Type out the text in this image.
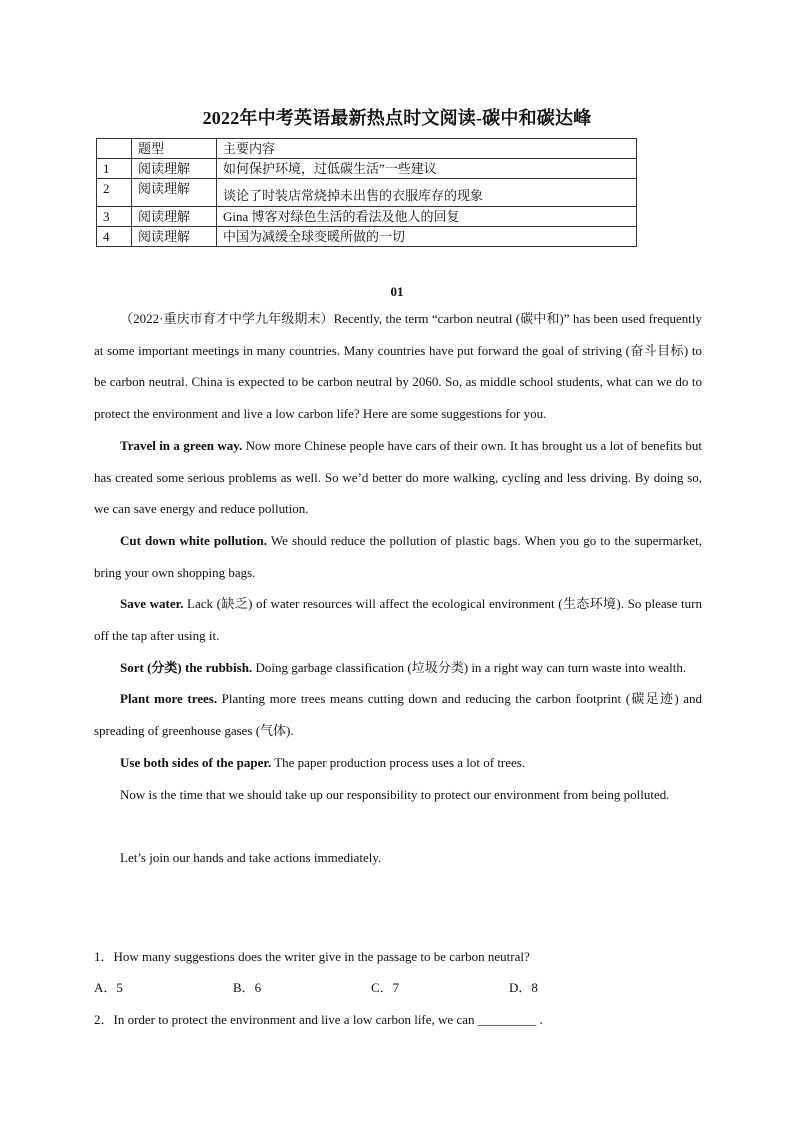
2022年中考英语最新热点时文阅读-碳中和碳达峰
	题型	主要内容
1	阅读理解	如何保护环境，过低碳生活”一些建议
2	阅读理解	谈论了时装店常烧掉未出售的衣服库存的现象
3	阅读理解	Gina 博客对绿色生活的看法及他人的回复
4	阅读理解	中国为减缓全球变暖所做的一切
01

（2022·重庆市育才中学九年级期末）Recently, the term “carbon neutral (碳中和)” has been used frequently at some important meetings in many countries. Many countries have put forward the goal of striving (奋斗目标) to be carbon neutral. China is expected to be carbon neutral by 2060. So, as middle school students, what can we do to protect the environment and live a low carbon life? Here are some suggestions for you.

Travel in a green way. Now more Chinese people have cars of their own. It has brought us a lot of benefits but has created some serious problems as well. So we’d better do more walking, cycling and less driving. By doing so, we can save energy and reduce pollution.

Cut down white pollution. We should reduce the pollution of plastic bags. When you go to the supermarket, bring your own shopping bags.

Save water. Lack (缺乏) of water resources will affect the ecological environment (生态环境). So please turn off the tap after using it.

Sort (分类) the rubbish. Doing garbage classification (垃圾分类) in a right way can turn waste into wealth.

Plant more trees. Planting more trees means cutting down and reducing the carbon footprint (碳足迹) and spreading of greenhouse gases (气体).

Use both sides of the paper. The paper production process uses a lot of trees.

Now is the time that we should take up our responsibility to protect our environment from being polluted.

Let’s join our hands and take actions immediately.

1．How many suggestions does the writer give in the passage to be carbon neutral?
A．5	B．6	C．7	D．8
2．In order to protect the environment and live a low carbon life, we can _________ .
